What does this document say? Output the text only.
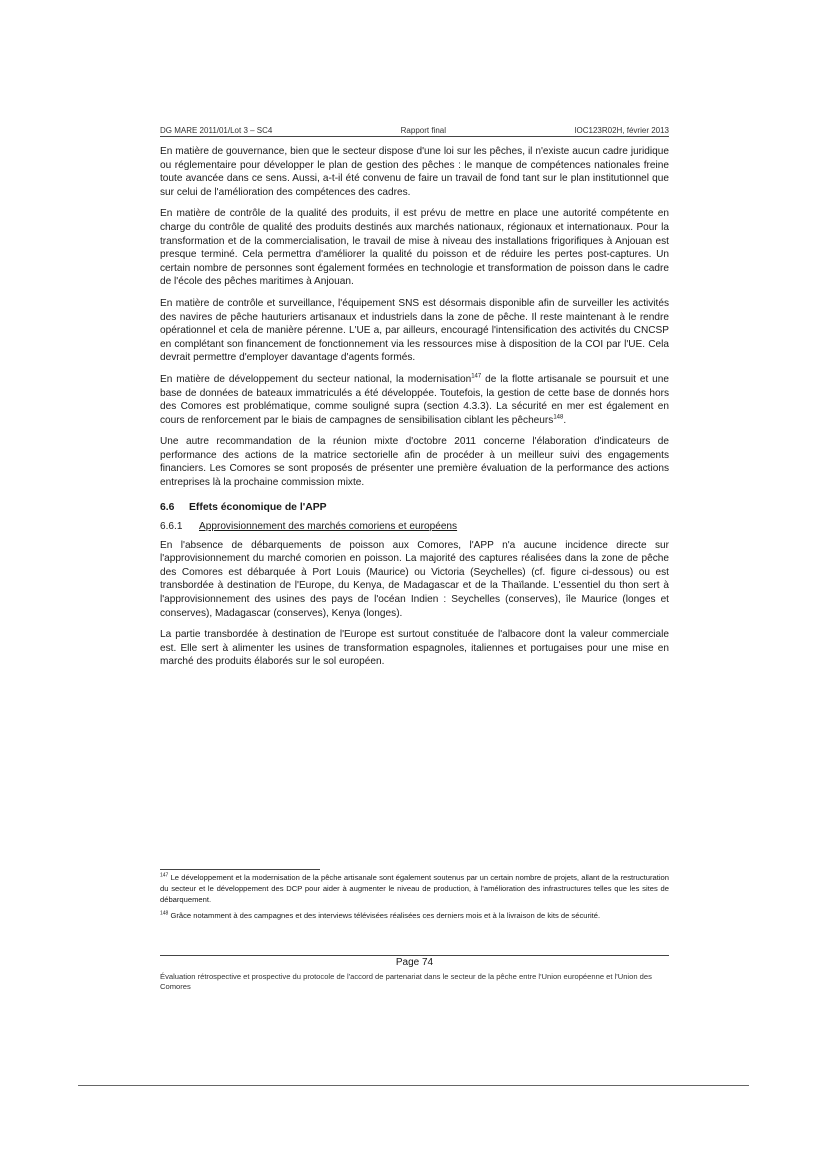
DG MARE 2011/01/Lot 3 – SC4	Rapport final	IOC123R02H, février 2013

En matière de gouvernance, bien que le secteur dispose d'une loi sur les pêches, il n'existe aucun cadre juridique ou réglementaire pour développer le plan de gestion des pêches : le manque de compétences nationales freine toute avancée dans ce sens. Aussi, a-t-il été convenu de faire un travail de fond tant sur le plan institutionnel que sur celui de l'amélioration des compétences des cadres.

En matière de contrôle de la qualité des produits, il est prévu de mettre en place une autorité compétente en charge du contrôle de qualité des produits destinés aux marchés nationaux, régionaux et internationaux. Pour la transformation et de la commercialisation, le travail de mise à niveau des installations frigorifiques à Anjouan est presque terminé. Cela permettra d'améliorer la qualité du poisson et de réduire les pertes post-captures. Un certain nombre de personnes sont également formées en technologie et transformation de poisson dans le cadre de l'école des pêches maritimes à Anjouan.

En matière de contrôle et surveillance, l'équipement SNS est désormais disponible afin de surveiller les activités des navires de pêche hauturiers artisanaux et industriels dans la zone de pêche. Il reste maintenant à le rendre opérationnel et cela de manière pérenne. L'UE a, par ailleurs, encouragé l'intensification des activités du CNCSP en complétant son financement de fonctionnement via les ressources mise à disposition de la COI par l'UE. Cela devrait permettre d'employer davantage d'agents formés.

En matière de développement du secteur national, la modernisation$^{147}$ de la flotte artisanale se poursuit et une base de données de bateaux immatriculés a été développée. Toutefois, la gestion de cette base de donnés hors des Comores est problématique, comme souligné supra (section 4.3.3). La sécurité en mer est également en cours de renforcement par le biais de campagnes de sensibilisation ciblant les pêcheurs$^{148}$.

Une autre recommandation de la réunion mixte d'octobre 2011 concerne l'élaboration d'indicateurs de performance des actions de la matrice sectorielle afin de procéder à un meilleur suivi des engagements financiers. Les Comores se sont proposés de présenter une première évaluation de la performance des actions entreprises là la prochaine commission mixte.

6.6	Effets économique de l'APP
6.6.1	Approvisionnement des marchés comoriens et européens

En l'absence de débarquements de poisson aux Comores, l'APP n'a aucune incidence directe sur l'approvisionnement du marché comorien en poisson. La majorité des captures réalisées dans la zone de pêche des Comores est débarquée à Port Louis (Maurice) ou Victoria (Seychelles) (cf. figure ci-dessous) ou est transbordée à destination de l'Europe, du Kenya, de Madagascar et de la Thaïlande. L'essentiel du thon sert à l'approvisionnement des usines des pays de l'océan Indien : Seychelles (conserves), île Maurice (longes et conserves), Madagascar (conserves), Kenya (longes).

La partie transbordée à destination de l'Europe est surtout constituée de l'albacore dont la valeur commerciale est. Elle sert à alimenter les usines de transformation espagnoles, italiennes et portugaises pour une mise en marché des produits élaborés sur le sol européen.

$^{147}$ Le développement et la modernisation de la pêche artisanale sont également soutenus par un certain nombre de projets, allant de la restructuration du secteur et le développement des DCP pour aider à augmenter le niveau de production, à l'amélioration des infrastructures telles que les sites de débarquement.

$^{148}$ Grâce notamment à des campagnes et des interviews télévisées réalisées ces derniers mois et à la livraison de kits de sécurité.

Page 74
Évaluation rétrospective et prospective du protocole de l'accord de partenariat dans le secteur de la pêche entre l'Union européenne et l'Union des Comores
